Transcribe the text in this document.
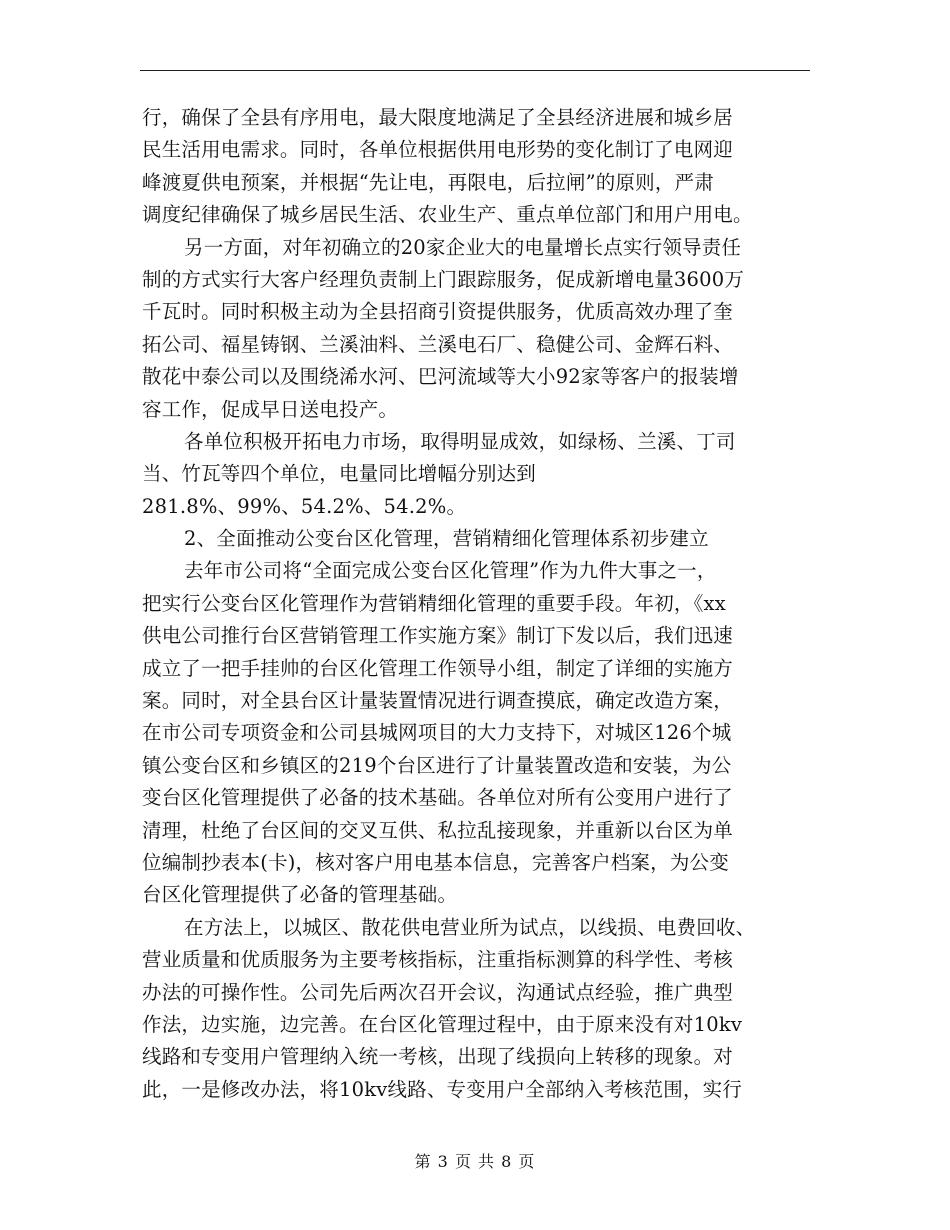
行，确保了全县有序用电，最大限度地满足了全县经济进展和城乡居
民生活用电需求。同时，各单位根据供用电形势的变化制订了电网迎
峰渡夏供电预案，并根据“先让电，再限电，后拉闸”的原则，严肃
调度纪律确保了城乡居民生活、农业生产、重点单位部门和用户用电。
另一方面，对年初确立的20家企业大的电量增长点实行领导责任
制的方式实行大客户经理负责制上门跟踪服务，促成新增电量3600万
千瓦时。同时积极主动为全县招商引资提供服务，优质高效办理了奎
拓公司、福星铸钢、兰溪油料、兰溪电石厂、稳健公司、金辉石料、
散花中泰公司以及围绕浠水河、巴河流域等大小92家等客户的报装增
容工作，促成早日送电投产。
各单位积极开拓电力市场，取得明显成效，如绿杨、兰溪、丁司
当、竹瓦等四个单位，电量同比增幅分别达到
281.8%、99%、54.2%、54.2%。
2、全面推动公变台区化管理，营销精细化管理体系初步建立
去年市公司将“全面完成公变台区化管理”作为九件大事之一，
把实行公变台区化管理作为营销精细化管理的重要手段。年初，《xx
供电公司推行台区营销管理工作实施方案》制订下发以后，我们迅速
成立了一把手挂帅的台区化管理工作领导小组，制定了详细的实施方
案。同时，对全县台区计量装置情况进行调查摸底，确定改造方案，
在市公司专项资金和公司县城网项目的大力支持下，对城区126个城
镇公变台区和乡镇区的219个台区进行了计量装置改造和安装，为公
变台区化管理提供了必备的技术基础。各单位对所有公变用户进行了
清理，杜绝了台区间的交叉互供、私拉乱接现象，并重新以台区为单
位编制抄表本(卡)，核对客户用电基本信息，完善客户档案，为公变
台区化管理提供了必备的管理基础。
在方法上，以城区、散花供电营业所为试点，以线损、电费回收、
营业质量和优质服务为主要考核指标，注重指标测算的科学性、考核
办法的可操作性。公司先后两次召开会议，沟通试点经验，推广典型
作法，边实施，边完善。在台区化管理过程中，由于原来没有对10kv
线路和专变用户管理纳入统一考核，出现了线损向上转移的现象。对
此，一是修改办法，将10kv线路、专变用户全部纳入考核范围，实行
第 3 页 共 8 页
